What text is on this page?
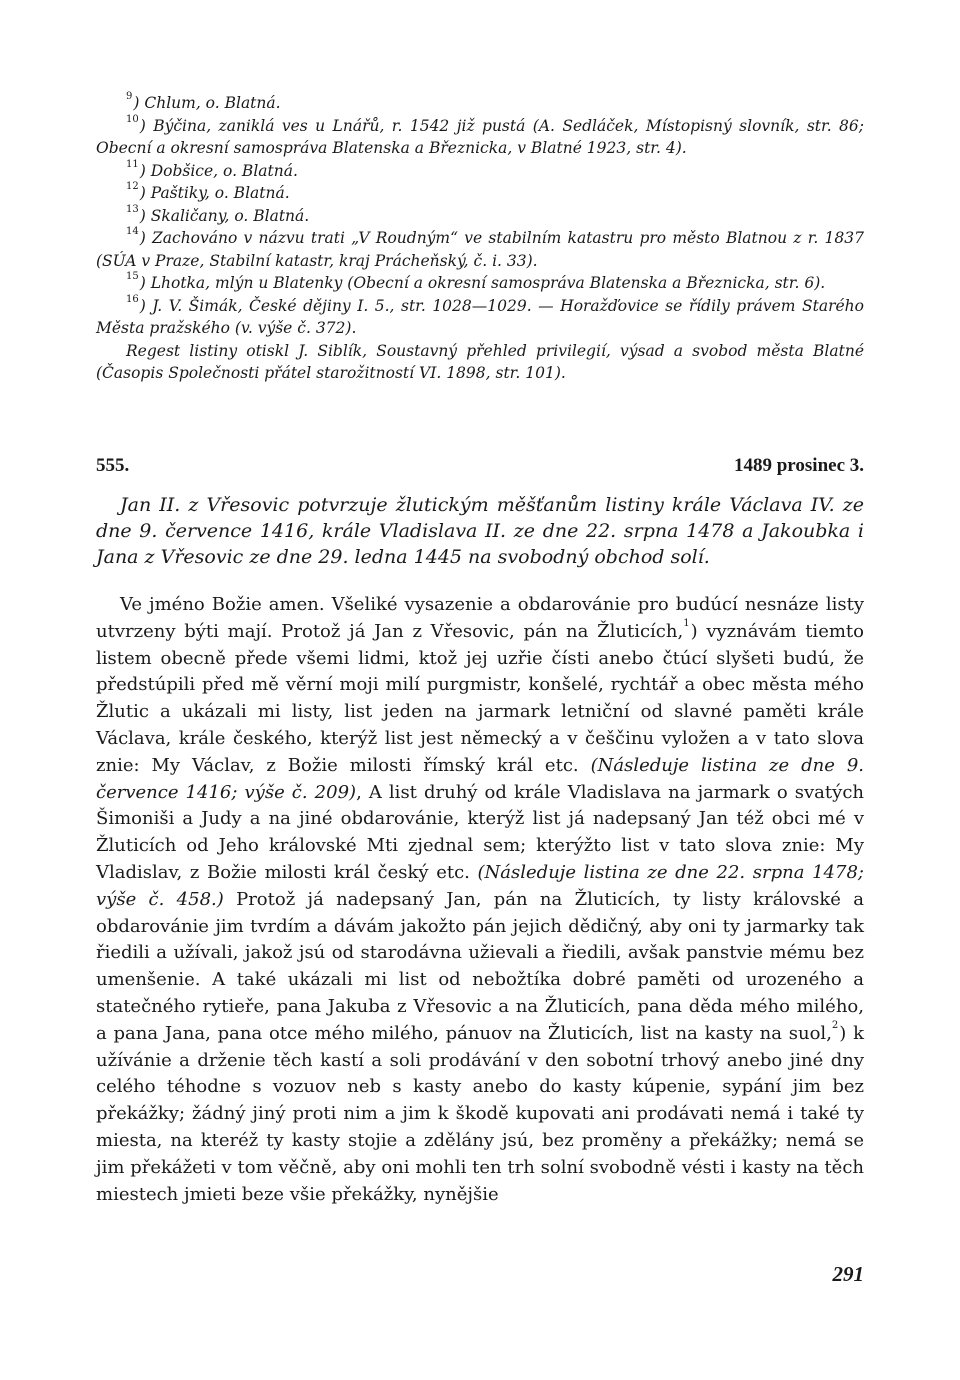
$^9$) Chlum, o. Blatná.
$^{10}$) Býčina, zaniklá ves u Lnářů, r. 1542 již pustá (A. Sedláček, Místopisný slovník, str. 86; Obecní a okresní samospráva Blatenska a Březnicka, v Blatné 1923, str. 4).
$^{11}$) Dobšice, o. Blatná.
$^{12}$) Paštiky, o. Blatná.
$^{13}$) Skaličany, o. Blatná.
$^{14}$) Zachováno v názvu trati „V Roudným“ ve stabilním katastru pro město Blatnou z r. 1837 (SÚA v Praze, Stabilní katastr, kraj Prácheňský, č. i. 33).
$^{15}$) Lhotka, mlýn u Blatenky (Obecní a okresní samospráva Blatenska a Březnicka, str. 6).
$^{16}$) J. V. Šimák, České dějiny I. 5., str. 1028—1029. — Horažďovice se řídily právem Starého Města pražského (v. výše č. 372).
Regest listiny otiskl J. Siblík, Soustavný přehled privilegií, výsad a svobod města Blatné (Časopis Společnosti přátel starožitností VI. 1898, str. 101).
555.	1489 prosinec 3.
Jan II. z Vřesovic potvrzuje žlutickým měšťanům listiny krále Václava IV. ze dne 9. července 1416, krále Vladislava II. ze dne 22. srpna 1478 a Jakoubka i Jana z Vřesovic ze dne 29. ledna 1445 na svobodný obchod solí.
Ve jméno Božie amen. Všeliké vysazenie a obdarovánie pro budúcí nesnáze listy utvrzeny býti mají. Protož já Jan z Vřesovic, pán na Žluticích,$^1$) vyznávám tiemto listem obecně přede všemi lidmi, ktož jej uzřie čísti anebo čtúcí slyšeti budú, že předstúpili před mě věrní moji milí purgmistr, konšelé, rychtář a obec města mého Žlutic a ukázali mi listy, list jeden na jarmark letniční od slavné paměti krále Václava, krále českého, kterýž list jest německý a v češčinu vyložen a v tato slova znie: My Václav, z Božie milosti římský král etc. (Následuje listina ze dne 9. července 1416; výše č. 209), A list druhý od krále Vladislava na jarmark o svatých Šimoniši a Judy a na jiné obdarovánie, kterýž list já nadepsaný Jan též obci mé v Žluticích od Jeho královské Mti zjednal sem; kterýžto list v tato slova znie: My Vladislav, z Božie milosti král český etc. (Následuje listina ze dne 22. srpna 1478; výše č. 458.) Protož já nadepsaný Jan, pán na Žluticích, ty listy královské a obdarovánie jim tvrdím a dávám jakožto pán jejich dědičný, aby oni ty jarmarky tak řiedili a užívali, jakož jsú od starodávna užievali a řiedili, avšak panstvie mému bez umenšenie. A také ukázali mi list od nebožtíka dobré paměti od urozeného a statečného rytieře, pana Jakuba z Vřesovic a na Žluticích, pana děda mého milého, a pana Jana, pana otce mého milého, pánuov na Žluticích, list na kasty na suol,$^2$) k užívánie a drženie těch kastí a soli prodávání v den sobotní trhový anebo jiné dny celého téhodne s vozuov neb s kasty anebo do kasty kúpenie, sypání jim bez překážky; žádný jiný proti nim a jim k škodě kupovati ani prodávati nemá i také ty miesta, na kteréž ty kasty stojie a zdělány jsú, bez proměny a překážky; nemá se jim překážeti v tom věčně, aby oni mohli ten trh solní svobodně vésti i kasty na těch miestech jmieti beze všie překážky, nynějšie
291
